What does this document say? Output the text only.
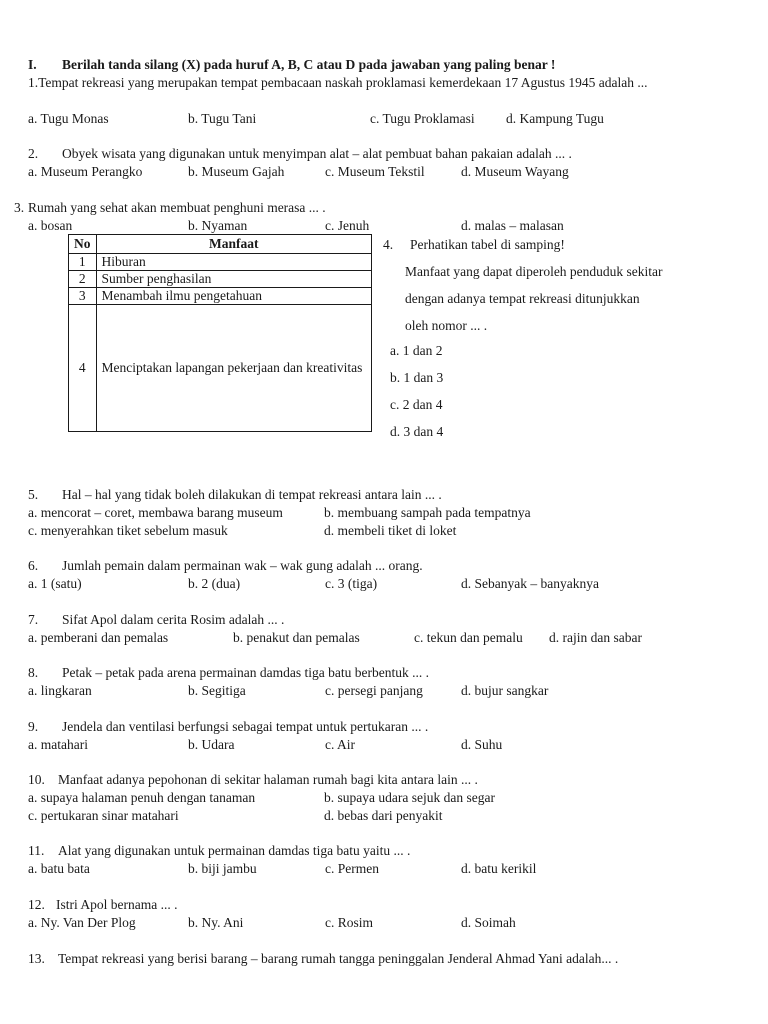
I. Berilah tanda silang (X) pada huruf A, B, C atau D pada jawaban yang paling benar !
1.Tempat rekreasi yang merupakan tempat pembacaan naskah proklamasi kemerdekaan 17 Agustus 1945 adalah ...
a. Tugu Monas	b. Tugu Tani	c. Tugu Proklamasi d. Kampung Tugu
2. Obyek wisata yang digunakan untuk menyimpan alat – alat pembuat bahan pakaian adalah ... .
a. Museum Perangko	b. Museum Gajah	c. Museum Tekstil	d. Museum Wayang
3. Rumah yang sehat akan membuat penghuni merasa ... .
a. bosan	b. Nyaman	c. Jenuh	d. malas – malasan
No	Manfaat
1	Hiburan
2	Sumber penghasilan
3	Menambah ilmu pengetahuan
4	Menciptakan lapangan pekerjaan dan kreativitas
4. Perhatikan tabel di samping!
Manfaat yang dapat diperoleh penduduk sekitar
dengan adanya tempat rekreasi ditunjukkan
oleh nomor ... .
a. 1 dan 2
b. 1 dan 3
c. 2 dan 4
d. 3 dan 4
5. Hal – hal yang tidak boleh dilakukan di tempat rekreasi antara lain ... .
a. mencorat – coret, membawa barang museum	b. membuang sampah pada tempatnya
c. menyerahkan tiket sebelum masuk	d. membeli tiket di loket
6. Jumlah pemain dalam permainan wak – wak gung adalah ... orang.
a. 1 (satu)	b. 2 (dua)	c. 3 (tiga)	d. Sebanyak – banyaknya
7. Sifat Apol dalam cerita Rosim adalah ... .
a. pemberani dan pemalas	b. penakut dan pemalas	c. tekun dan pemalu d. rajin dan sabar
8. Petak – petak pada arena permainan damdas tiga batu berbentuk ... .
a. lingkaran	b. Segitiga	c. persegi panjang	d. bujur sangkar
9. Jendela dan ventilasi berfungsi sebagai tempat untuk pertukaran ... .
a. matahari	b. Udara	c. Air	d. Suhu
10. Manfaat adanya pepohonan di sekitar halaman rumah bagi kita antara lain ... .
a. supaya halaman penuh dengan tanaman	b. supaya udara sejuk dan segar
c. pertukaran sinar matahari	d. bebas dari penyakit
11. Alat yang digunakan untuk permainan damdas tiga batu yaitu ... .
a. batu bata	b. biji jambu	c. Permen	d. batu kerikil
12. Istri Apol bernama ... .
a. Ny. Van Der Plog	b. Ny. Ani	c. Rosim	d. Soimah
13. Tempat rekreasi yang berisi barang – barang rumah tangga peninggalan Jenderal Ahmad Yani adalah... .
